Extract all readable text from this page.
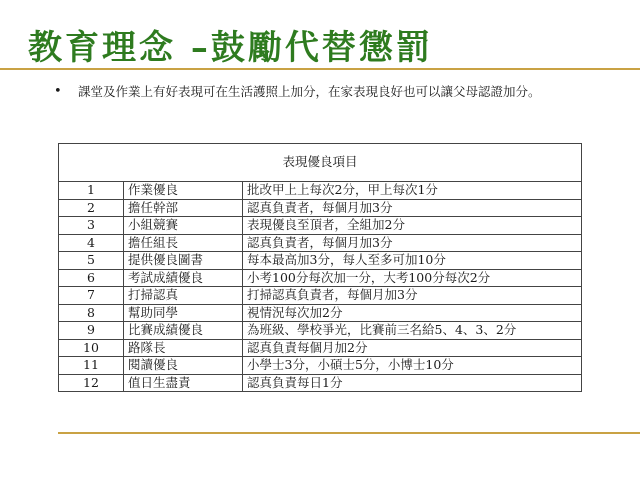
教育理念 –鼓勵代替懲罰
•	課堂及作業上有好表現可在生活護照上加分，在家表現良好也可以讓父母認證加分。
表現優良項目		
1	作業優良	批改甲上上每次2分，甲上每次1分
2	擔任幹部	認真負責者，每個月加3分
3	小組競賽	表現優良至頂者，全組加2分
4	擔任組長	認真負責者，每個月加3分
5	提供優良圖書	每本最高加3分，每人至多可加10分
6	考試成績優良	小考100分每次加一分，大考100分每次2分
7	打掃認真	打掃認真負責者，每個月加3分
8	幫助同學	視情況每次加2分
9	比賽成績優良	為班級、學校爭光，比賽前三名給5、4、3、2分
10	路隊長	認真負責每個月加2分
11	閱讀優良	小學士3分，小碩士5分，小博士10分
12	值日生盡責	認真負責每日1分
